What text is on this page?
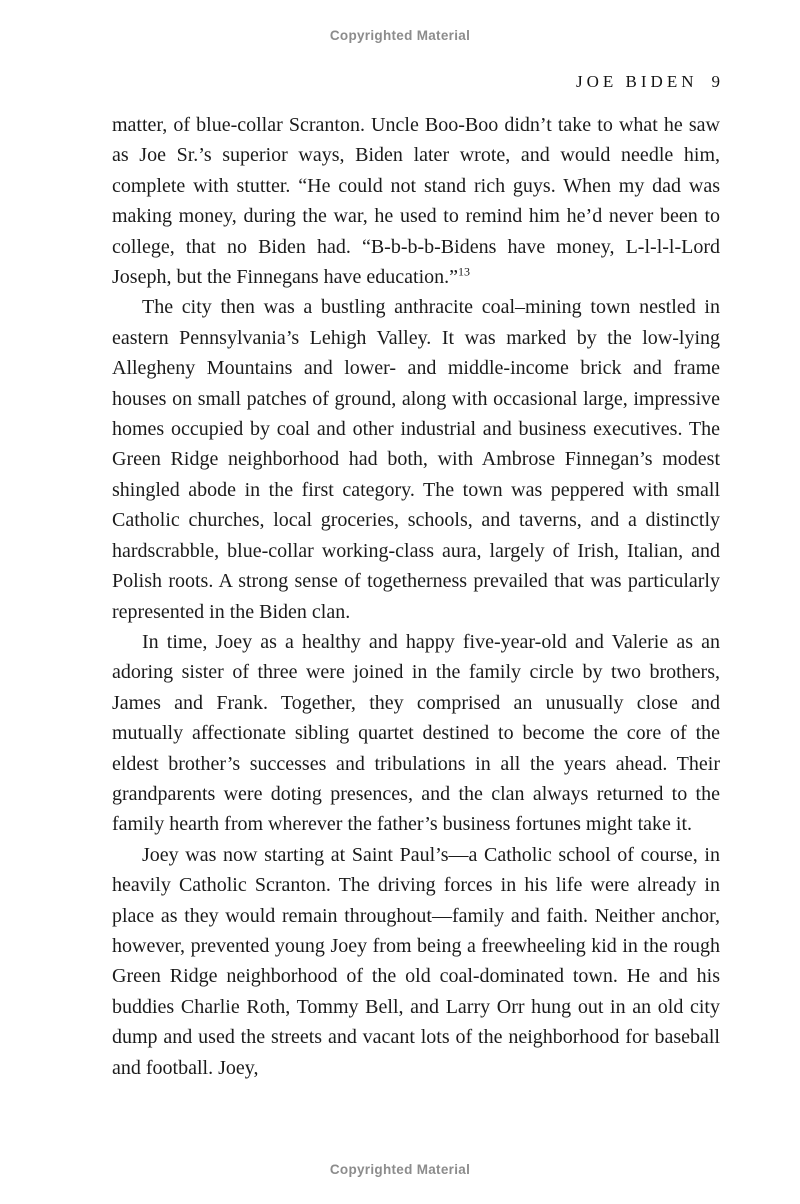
Copyrighted Material
JOE BIDEN 9

matter, of blue-collar Scranton. Uncle Boo-Boo didn’t take to what he saw as Joe Sr.’s superior ways, Biden later wrote, and would needle him, complete with stutter. “He could not stand rich guys. When my dad was making money, during the war, he used to remind him he’d never been to college, that no Biden had. “B-b-b-b-Bidens have money, L-l-l-l-Lord Joseph, but the Finnegans have education.”$^{13}$

The city then was a bustling anthracite coal–mining town nestled in eastern Pennsylvania’s Lehigh Valley. It was marked by the low-lying Allegheny Mountains and lower- and middle-income brick and frame houses on small patches of ground, along with occasional large, impressive homes occupied by coal and other industrial and business executives. The Green Ridge neighborhood had both, with Ambrose Finnegan’s modest shingled abode in the first category. The town was peppered with small Catholic churches, local groceries, schools, and taverns, and a distinctly hardscrabble, blue-collar working-class aura, largely of Irish, Italian, and Polish roots. A strong sense of togetherness prevailed that was particularly represented in the Biden clan.

In time, Joey as a healthy and happy five-year-old and Valerie as an adoring sister of three were joined in the family circle by two brothers, James and Frank. Together, they comprised an unusually close and mutually affectionate sibling quartet destined to become the core of the eldest brother’s successes and tribulations in all the years ahead. Their grandparents were doting presences, and the clan always returned to the family hearth from wherever the father’s business fortunes might take it.

Joey was now starting at Saint Paul’s—a Catholic school of course, in heavily Catholic Scranton. The driving forces in his life were already in place as they would remain throughout—family and faith. Neither anchor, however, prevented young Joey from being a freewheeling kid in the rough Green Ridge neighborhood of the old coal-dominated town. He and his buddies Charlie Roth, Tommy Bell, and Larry Orr hung out in an old city dump and used the streets and vacant lots of the neighborhood for baseball and football. Joey,

Copyrighted Material
